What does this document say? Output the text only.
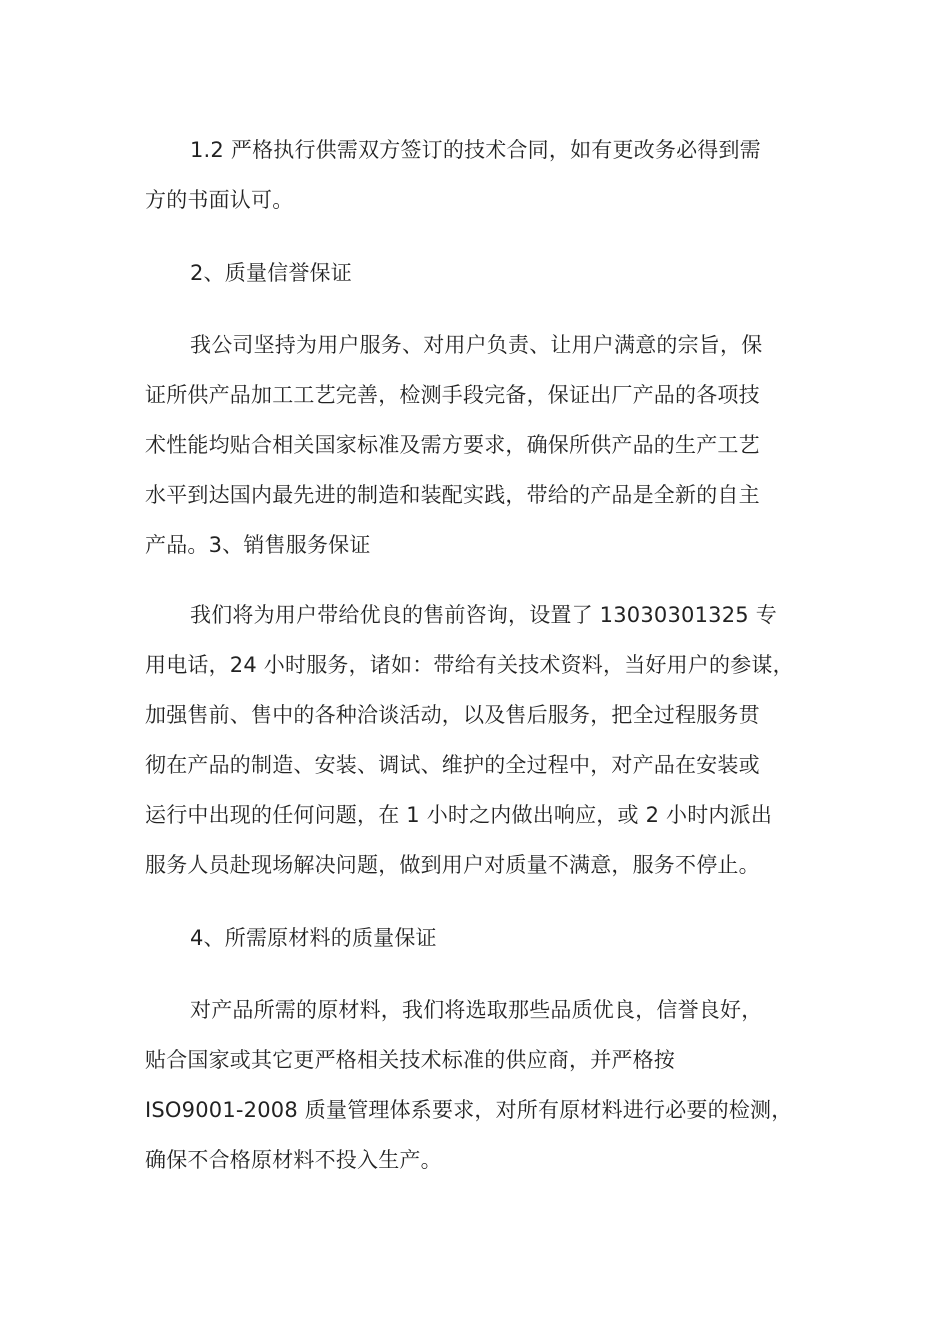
1.2 严格执行供需双方签订的技术合同，如有更改务必得到需
方的书面认可。
2、质量信誉保证
我公司坚持为用户服务、对用户负责、让用户满意的宗旨，保
证所供产品加工工艺完善，检测手段完备，保证出厂产品的各项技
术性能均贴合相关国家标准及需方要求，确保所供产品的生产工艺
水平到达国内最先进的制造和装配实践，带给的产品是全新的自主
产品。3、销售服务保证
我们将为用户带给优良的售前咨询，设置了 13030301325 专
用电话，24 小时服务，诸如：带给有关技术资料，当好用户的参谋，
加强售前、售中的各种洽谈活动，以及售后服务，把全过程服务贯
彻在产品的制造、安装、调试、维护的全过程中，对产品在安装或
运行中出现的任何问题，在 1 小时之内做出响应，或 2 小时内派出
服务人员赴现场解决问题，做到用户对质量不满意，服务不停止。
4、所需原材料的质量保证
对产品所需的原材料，我们将选取那些品质优良，信誉良好，
贴合国家或其它更严格相关技术标准的供应商，并严格按
ISO9001-2008 质量管理体系要求，对所有原材料进行必要的检测，
确保不合格原材料不投入生产。
